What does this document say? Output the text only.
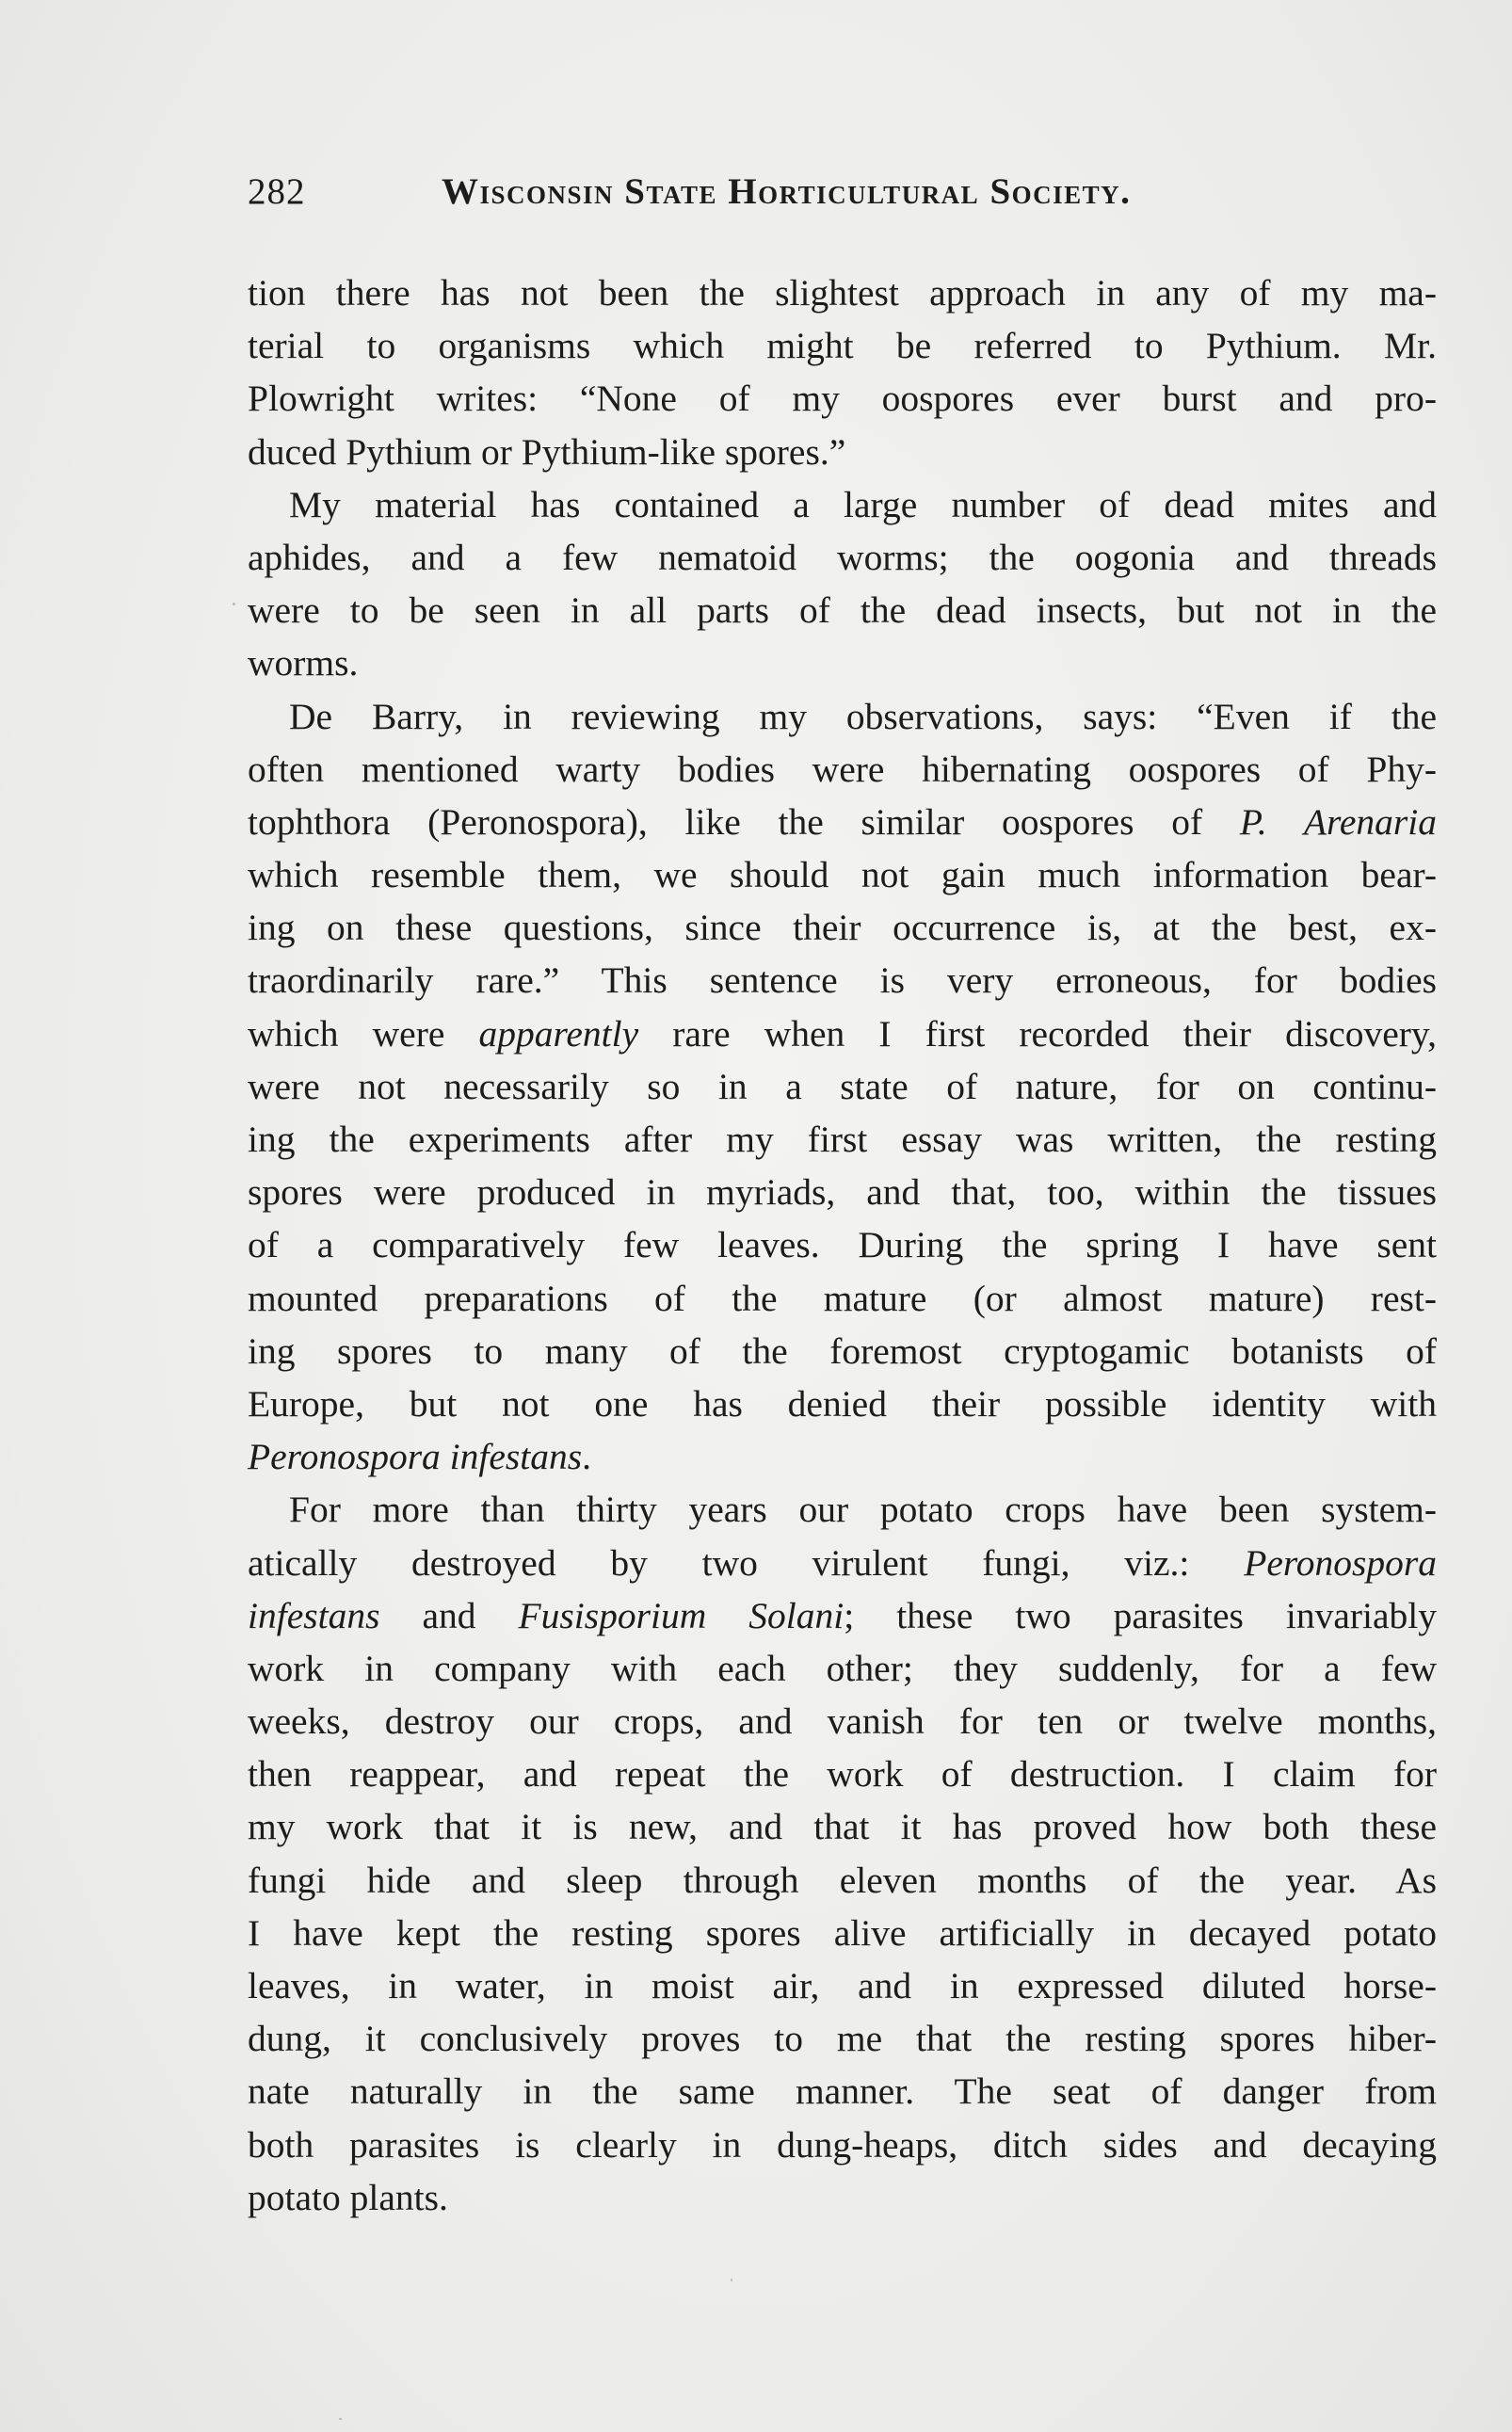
282	Wisconsin State Horticultural Society.
tion there has not been the slightest approach in any of my ma-
terial to organisms which might be referred to Pythium. Mr.
Plowright writes: “None of my oospores ever burst and pro-
duced Pythium or Pythium-like spores.”
My material has contained a large number of dead mites and
aphides, and a few nematoid worms; the oogonia and threads
were to be seen in all parts of the dead insects, but not in the
worms.
De Barry, in reviewing my observations, says: “Even if the
often mentioned warty bodies were hibernating oospores of Phy-
tophthora (Peronospora), like the similar oospores of P. Arenaria
which resemble them, we should not gain much information bear-
ing on these questions, since their occurrence is, at the best, ex-
traordinarily rare.” This sentence is very erroneous, for bodies
which were apparently rare when I first recorded their discovery,
were not necessarily so in a state of nature, for on continu-
ing the experiments after my first essay was written, the resting
spores were produced in myriads, and that, too, within the tissues
of a comparatively few leaves. During the spring I have sent
mounted preparations of the mature (or almost mature) rest-
ing spores to many of the foremost cryptogamic botanists of
Europe, but not one has denied their possible identity with
Peronospora infestans.
For more than thirty years our potato crops have been system-
atically destroyed by two virulent fungi, viz.: Peronospora
infestans and Fusisporium Solani; these two parasites invariably
work in company with each other; they suddenly, for a few
weeks, destroy our crops, and vanish for ten or twelve months,
then reappear, and repeat the work of destruction. I claim for
my work that it is new, and that it has proved how both these
fungi hide and sleep through eleven months of the year. As
I have kept the resting spores alive artificially in decayed potato
leaves, in water, in moist air, and in expressed diluted horse-
dung, it conclusively proves to me that the resting spores hiber-
nate naturally in the same manner. The seat of danger from
both parasites is clearly in dung-heaps, ditch sides and decaying
potato plants.
